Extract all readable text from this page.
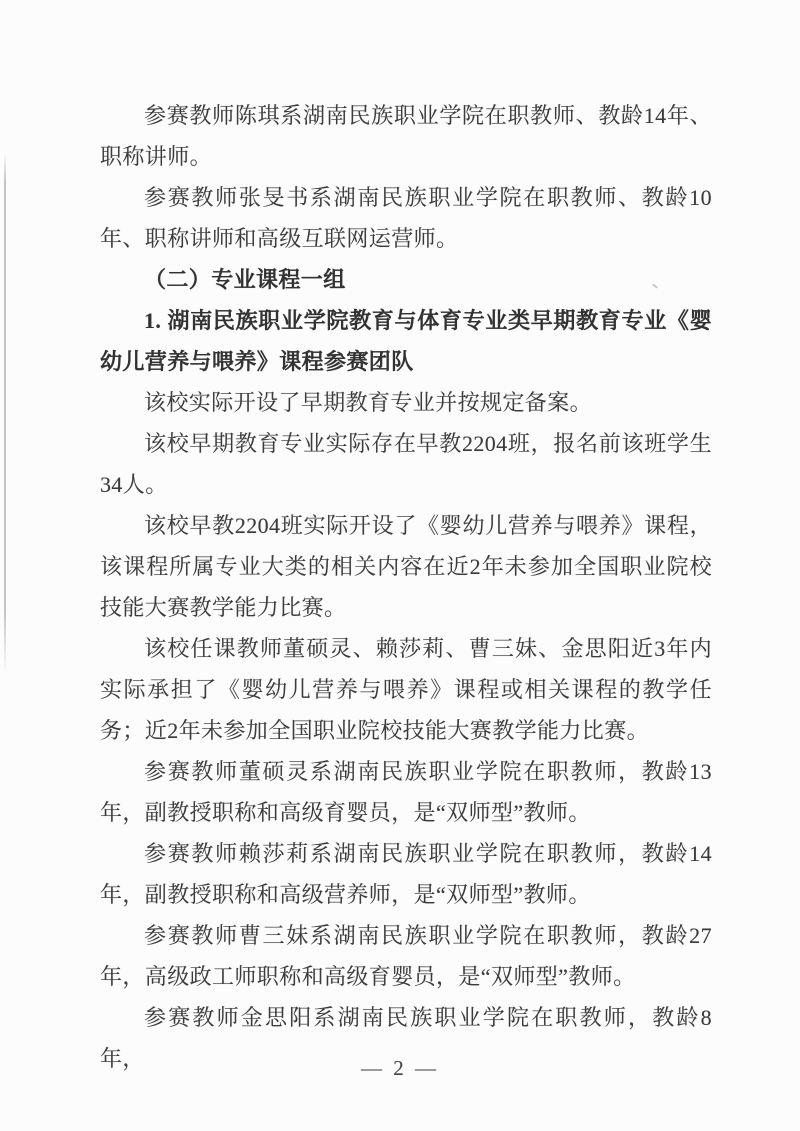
参赛教师陈琪系湖南民族职业学院在职教师、教龄14年、职称讲师。

参赛教师张旻书系湖南民族职业学院在职教师、教龄10年、职称讲师和高级互联网运营师。

（二）专业课程一组

1. 湖南民族职业学院教育与体育专业类早期教育专业《婴幼儿营养与喂养》课程参赛团队

该校实际开设了早期教育专业并按规定备案。

该校早期教育专业实际存在早教2204班，报名前该班学生34人。

该校早教2204班实际开设了《婴幼儿营养与喂养》课程，该课程所属专业大类的相关内容在近2年未参加全国职业院校技能大赛教学能力比赛。

该校任课教师董硕灵、赖莎莉、曹三妹、金思阳近3年内实际承担了《婴幼儿营养与喂养》课程或相关课程的教学任务；近2年未参加全国职业院校技能大赛教学能力比赛。

参赛教师董硕灵系湖南民族职业学院在职教师，教龄13年，副教授职称和高级育婴员，是“双师型”教师。

参赛教师赖莎莉系湖南民族职业学院在职教师，教龄14年，副教授职称和高级营养师，是“双师型”教师。

参赛教师曹三妹系湖南民族职业学院在职教师，教龄27年，高级政工师职称和高级育婴员，是“双师型”教师。

参赛教师金思阳系湖南民族职业学院在职教师，教龄8年，	— 2 —
